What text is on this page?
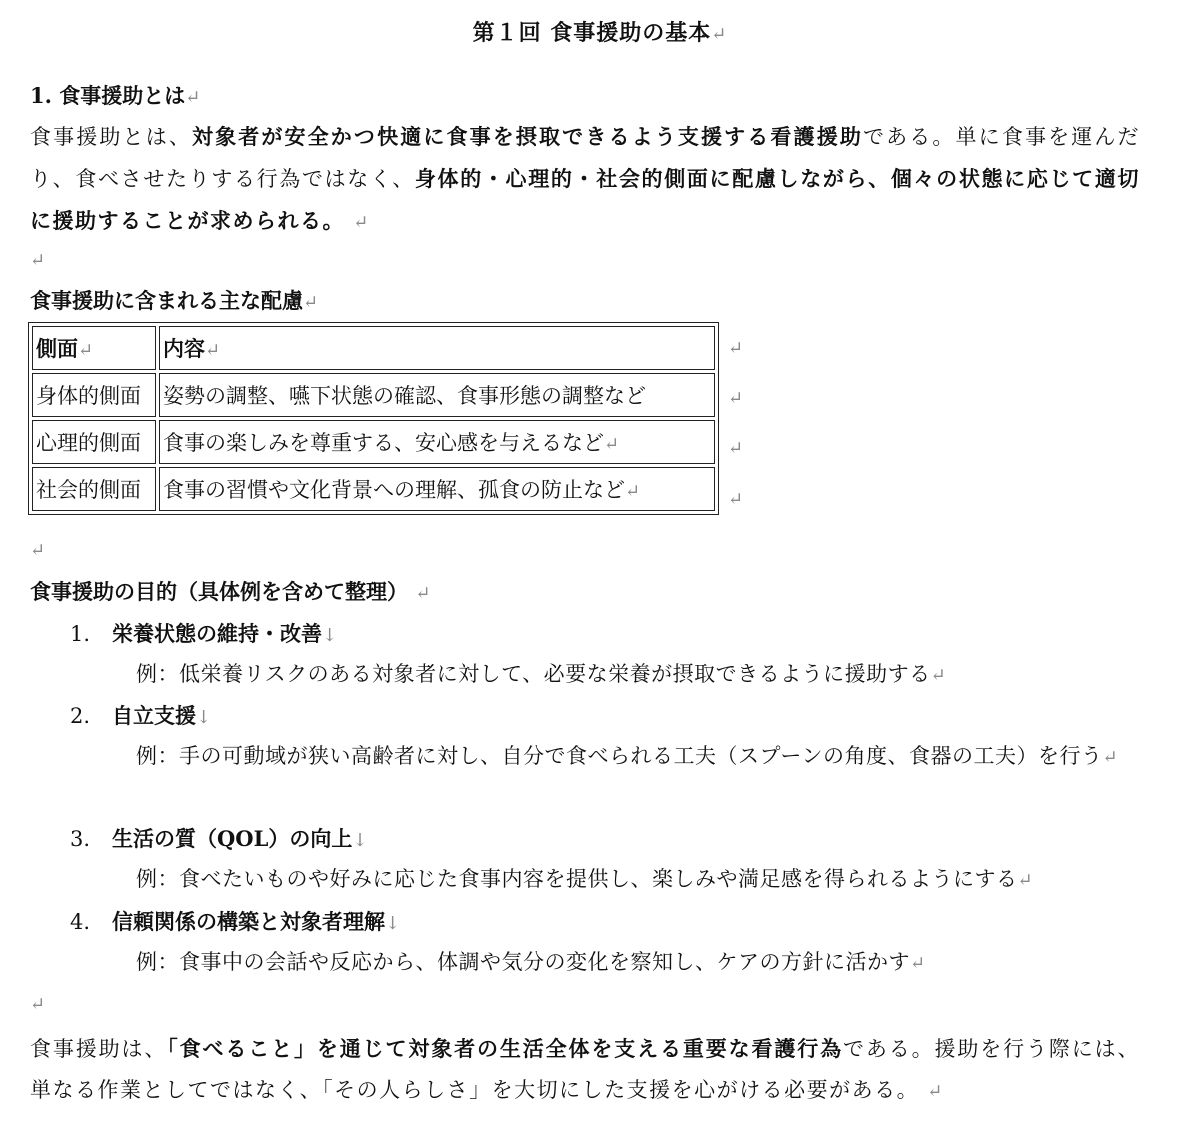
第１回 食事援助の基本↵
1. 食事援助とは↵
食事援助とは、対象者が安全かつ快適に食事を摂取できるよう支援する看護援助である。単に食事を運んだり、食べさせたりする行為ではなく、身体的・心理的・社会的側面に配慮しながら、個々の状態に応じて適切に援助することが求められる。 ↵
↵
食事援助に含まれる主な配慮↵
側面↵	内容↵
身体的側面	姿勢の調整、嚥下状態の確認、食事形態の調整など
心理的側面	食事の楽しみを尊重する、安心感を与えるなど↵
社会的側面	食事の習慣や文化背景への理解、孤食の防止など↵
↵
↵
↵
↵
↵
食事援助の目的（具体例を含めて整理） ↵
1. 栄養状態の維持・改善↓
例：低栄養リスクのある対象者に対して、必要な栄養が摂取できるように援助する↵
2. 自立支援↓
例：手の可動域が狭い高齢者に対し、自分で食べられる工夫（スプーンの角度、食器の工夫）を行う↵
3. 生活の質（QOL）の向上↓
例：食べたいものや好みに応じた食事内容を提供し、楽しみや満足感を得られるようにする↵
4. 信頼関係の構築と対象者理解↓
例：食事中の会話や反応から、体調や気分の変化を察知し、ケアの方針に活かす↵
↵
食事援助は、「食べること」を通じて対象者の生活全体を支える重要な看護行為である。援助を行う際には、単なる作業としてではなく、「その人らしさ」を大切にした支援を心がける必要がある。 ↵
